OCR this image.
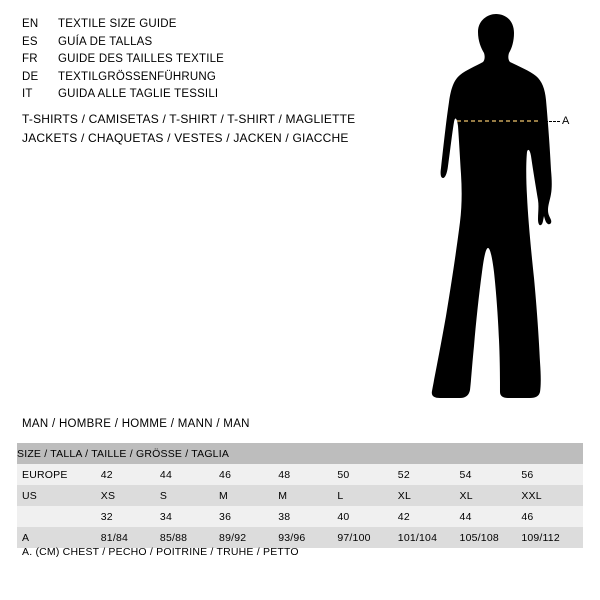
EN	TEXTILE SIZE GUIDE
ES	GUÍA DE TALLAS
FR	GUIDE DES TAILLES TEXTILE
DE	TEXTILGRÖSSENFÜHRUNG
IT	GUIDA ALLE TAGLIE TESSILI
T-SHIRTS / CAMISETAS / T-SHIRT / T-SHIRT / MAGLIETTE
JACKETS / CHAQUETAS / VESTES / JACKEN / GIACCHE
A
MAN / HOMBRE / HOMME / MANN / MAN
SIZE / TALLA / TAILLE / GRÖSSE / TAGLIA								
EUROPE	42	44	46	48	50	52	54	56
US	XS	S	M	M	L	XL	XL	XXL
	32	34	36	38	40	42	44	46
A	81/84	85/88	89/92	93/96	97/100	101/104	105/108	109/112
A. (CM) CHEST / PECHO / POITRINE / TRUHE / PETTO
